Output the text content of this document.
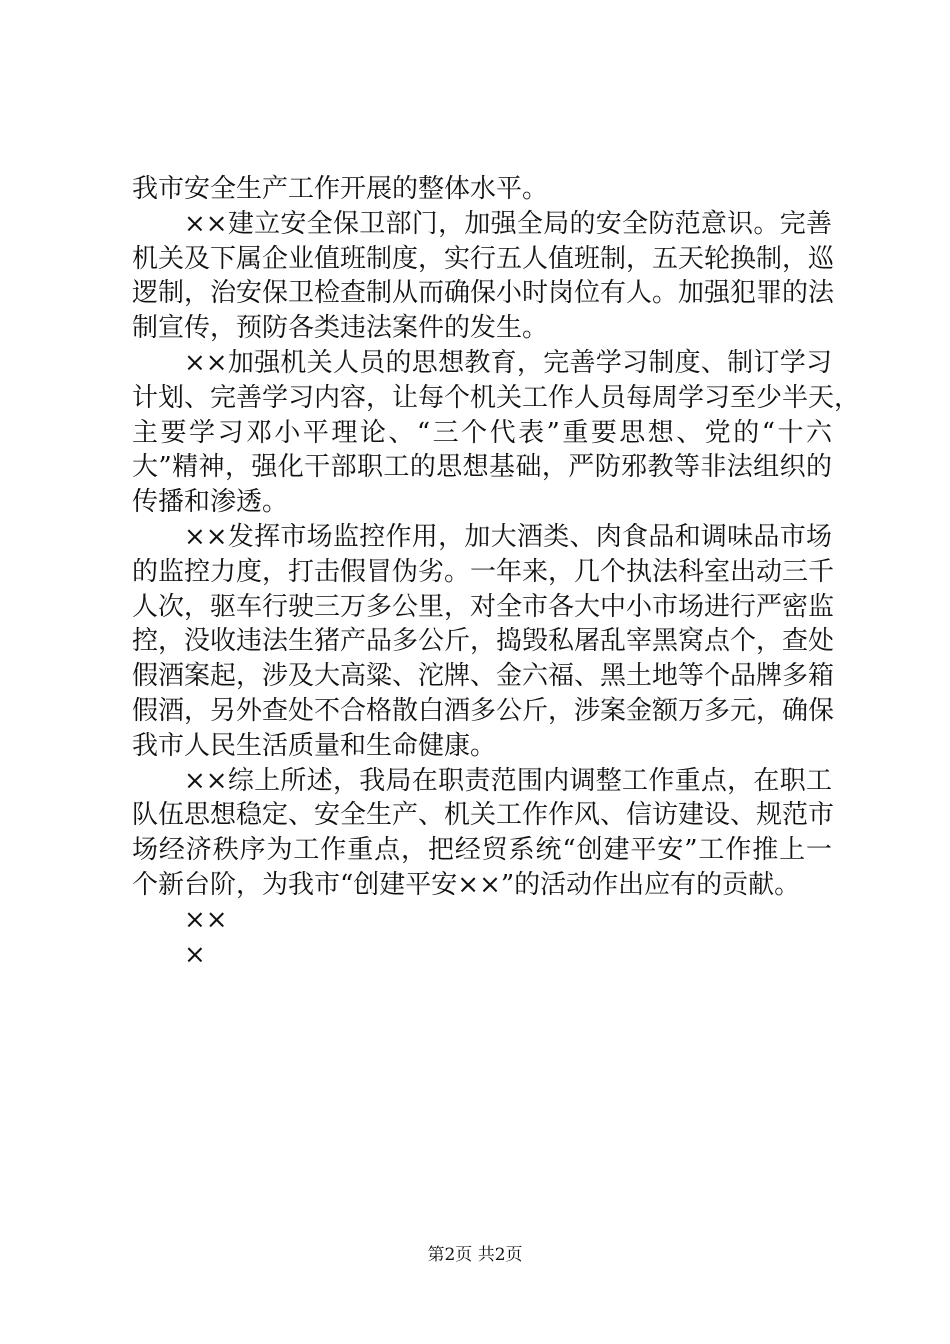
我市安全生产工作开展的整体水平。
××建立安全保卫部门，加强全局的安全防范意识。完善
机关及下属企业值班制度，实行五人值班制，五天轮换制，巡
逻制，治安保卫检查制从而确保小时岗位有人。加强犯罪的法
制宣传，预防各类违法案件的发生。
××加强机关人员的思想教育，完善学习制度、制订学习
计划、完善学习内容，让每个机关工作人员每周学习至少半天，
主要学习邓小平理论、“三个代表”重要思想、党的“十六
大”精神，强化干部职工的思想基础，严防邪教等非法组织的
传播和渗透。
××发挥市场监控作用，加大酒类、肉食品和调味品市场
的监控力度，打击假冒伪劣。一年来，几个执法科室出动三千
人次，驱车行驶三万多公里，对全市各大中小市场进行严密监
控，没收违法生猪产品多公斤，捣毁私屠乱宰黑窝点个，查处
假酒案起，涉及大高粱、沱牌、金六福、黑土地等个品牌多箱
假酒，另外查处不合格散白酒多公斤，涉案金额万多元，确保
我市人民生活质量和生命健康。
××综上所述，我局在职责范围内调整工作重点，在职工
队伍思想稳定、安全生产、机关工作作风、信访建设、规范市
场经济秩序为工作重点，把经贸系统“创建平安”工作推上一
个新台阶，为我市“创建平安××”的活动作出应有的贡献。
××
×
第2页 共2页
